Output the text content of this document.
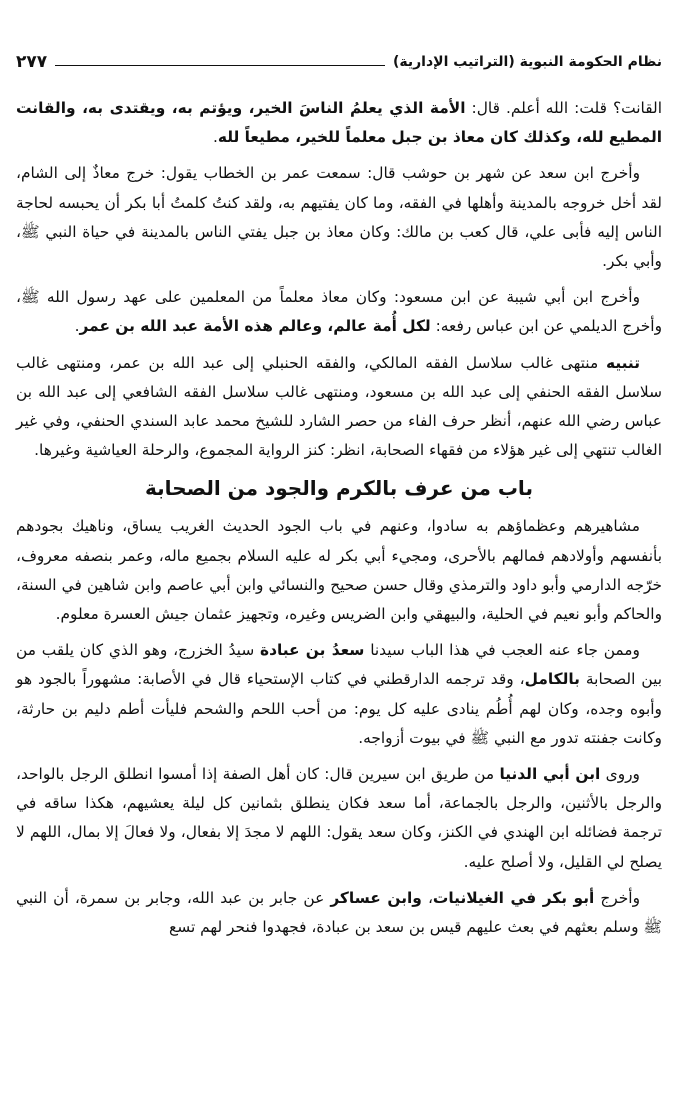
نظام الحكومة النبوية (التراتيب الإدارية)
٢٧٧

القانت؟ قلت: الله أعلم. قال: الأمة الذي يعلمُ الناسَ الخير، ويؤتم به، ويقتدى به، والقانت المطيع لله، وكذلك كان معاذ بن جبل معلماً للخير، مطيعاً لله.

وأخرج ابن سعد عن شهر بن حوشب قال: سمعت عمر بن الخطاب يقول: خرج معاذٌ إلى الشام، لقد أخل خروجه بالمدينة وأهلها في الفقه، وما كان يفتيهم به، ولقد كنتُ كلمتُ أبا بكر أن يحبسه لحاجة الناس إليه فأبى علي، قال كعب بن مالك: وكان معاذ بن جبل يفتي الناس بالمدينة في حياة النبي ﷺ، وأبي بكر.

وأخرج ابن أبي شيبة عن ابن مسعود: وكان معاذ معلماً من المعلمين على عهد رسول الله ﷺ، وأخرج الديلمي عن ابن عباس رفعه: لكل أُمة عالم، وعالم هذه الأمة عبد الله بن عمر.

تنبيه منتهى غالب سلاسل الفقه المالكي، والفقه الحنبلي إلى عبد الله بن عمر، ومنتهى غالب سلاسل الفقه الحنفي إلى عبد الله بن مسعود، ومنتهى غالب سلاسل الفقه الشافعي إلى عبد الله بن عباس رضي الله عنهم، أنظر حرف الفاء من حصر الشارد للشيخ محمد عابد السندي الحنفي، وفي غير الغالب تنتهي إلى غير هؤلاء من فقهاء الصحابة، انظر: كنز الرواية المجموع، والرحلة العياشية وغيرها.

باب من عرف بالكرم والجود من الصحابة

مشاهيرهم وعظماؤهم به سادوا، وعنهم في باب الجود الحديث الغريب يساق، وناهيك بجودهم بأنفسهم وأولادهم فمالهم بالأحرى، ومجيء أبي بكر له عليه السلام بجميع ماله، وعمر بنصفه معروف، خرّجه الدارمي وأبو داود والترمذي وقال حسن صحيح والنسائي وابن أبي عاصم وابن شاهين في السنة، والحاكم وأبو نعيم في الحلية، والبيهقي وابن الضريس وغيره، وتجهيز عثمان جيش العسرة معلوم.

وممن جاء عنه العجب في هذا الباب سيدنا سعدُ بن عبادة سيدُ الخزرج، وهو الذي كان يلقب من بين الصحابة بالكامل، وقد ترجمه الدارقطني في كتاب الإستحياء قال في الأصابة: مشهوراً بالجود هو وأبوه وجده، وكان لهم أُطُم ينادى عليه كل يوم: من أحب اللحم والشحم فليأت أطم دليم بن حارثة، وكانت جفنته تدور مع النبي ﷺ في بيوت أزواجه.

وروى ابن أبي الدنيا من طريق ابن سيرين قال: كان أهل الصفة إذا أمسوا انطلق الرجل بالواحد، والرجل بالأثنين، والرجل بالجماعة، أما سعد فكان ينطلق بثمانين كل ليلة يعشيهم، هكذا ساقه في ترجمة فضائله ابن الهندي في الكنز، وكان سعد يقول: اللهم لا مجدَ إلا بفعال، ولا فعالَ إلا بمال، اللهم لا يصلح لي القليل، ولا أصلح عليه.

وأخرج أبو بكر في الغيلانيات، وابن عساكر عن جابر بن عبد الله، وجابر بن سمرة، أن النبي ﷺ وسلم بعثهم في بعث عليهم قيس بن سعد بن عبادة، فجهدوا فنحر لهم تسع
